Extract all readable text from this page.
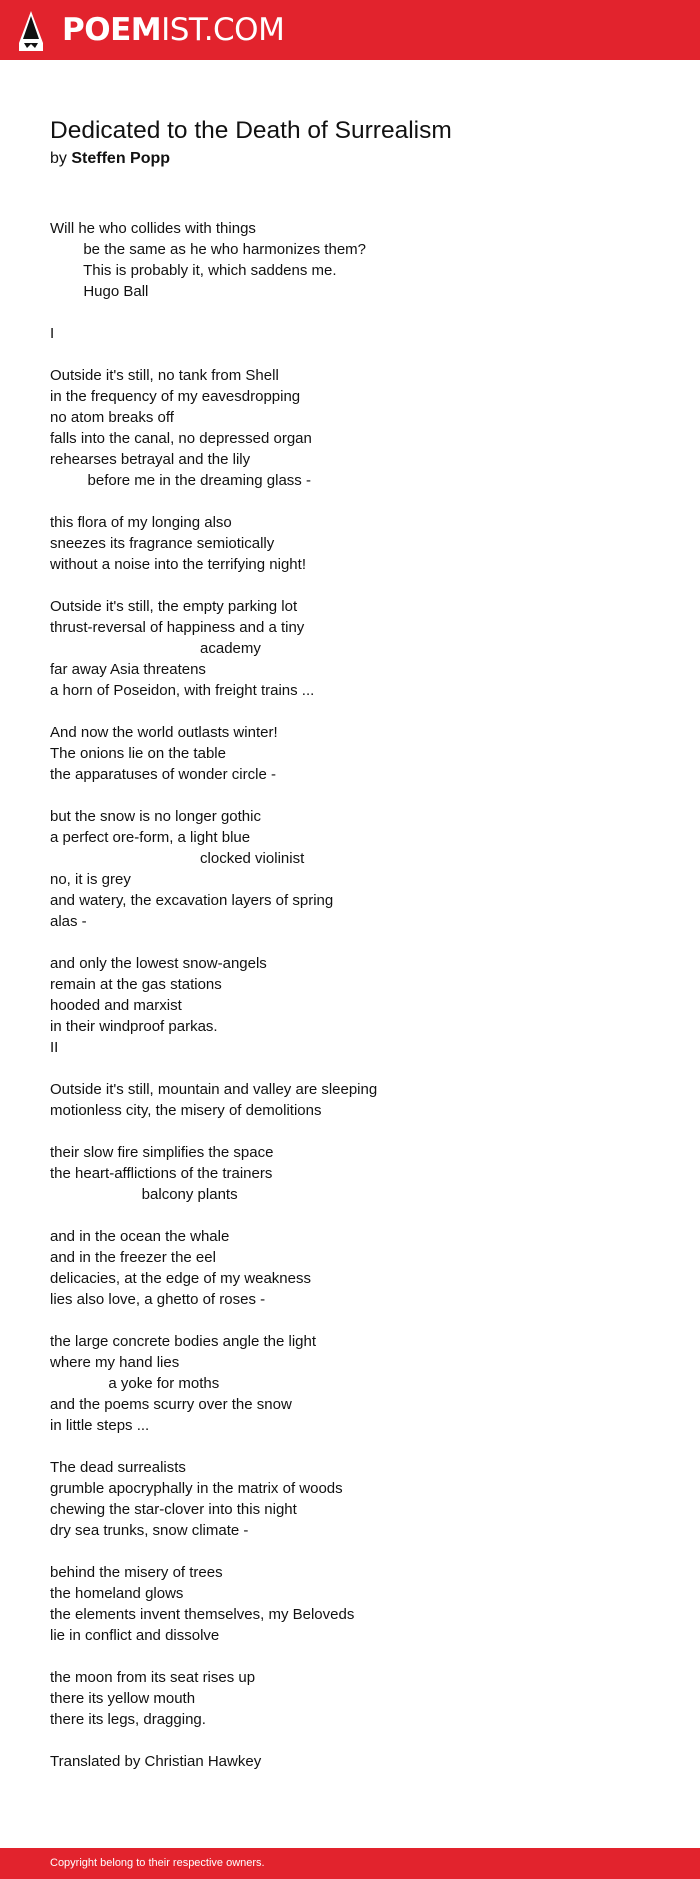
POEMIST.COM
Dedicated to the Death of Surrealism
by Steffen Popp
Will he who collides with things
be the same as he who harmonizes them?
This is probably it, which saddens me.
Hugo Ball

I

Outside it's still, no tank from Shell
in the frequency of my eavesdropping
no atom breaks off
falls into the canal, no depressed organ
rehearses betrayal and the lily
before me in the dreaming glass -

this flora of my longing also
sneezes its fragrance semiotically
without a noise into the terrifying night!

Outside it's still, the empty parking lot
thrust-reversal of happiness and a tiny
academy
far away Asia threatens
a horn of Poseidon, with freight trains ...

And now the world outlasts winter!
The onions lie on the table
the apparatuses of wonder circle -

but the snow is no longer gothic
a perfect ore-form, a light blue
clocked violinist
no, it is grey
and watery, the excavation layers of spring
alas -

and only the lowest snow-angels
remain at the gas stations
hooded and marxist
in their windproof parkas.
II

Outside it's still, mountain and valley are sleeping
motionless city, the misery of demolitions

their slow fire simplifies the space
the heart-afflictions of the trainers
balcony plants

and in the ocean the whale
and in the freezer the eel
delicacies, at the edge of my weakness
lies also love, a ghetto of roses -

the large concrete bodies angle the light
where my hand lies
a yoke for moths
and the poems scurry over the snow
in little steps ...

The dead surrealists
grumble apocryphally in the matrix of woods
chewing the star-clover into this night
dry sea trunks, snow climate -

behind the misery of trees
the homeland glows
the elements invent themselves, my Beloveds
lie in conflict and dissolve

the moon from its seat rises up
there its yellow mouth
there its legs, dragging.

Translated by Christian Hawkey
Copyright belong to their respective owners.
